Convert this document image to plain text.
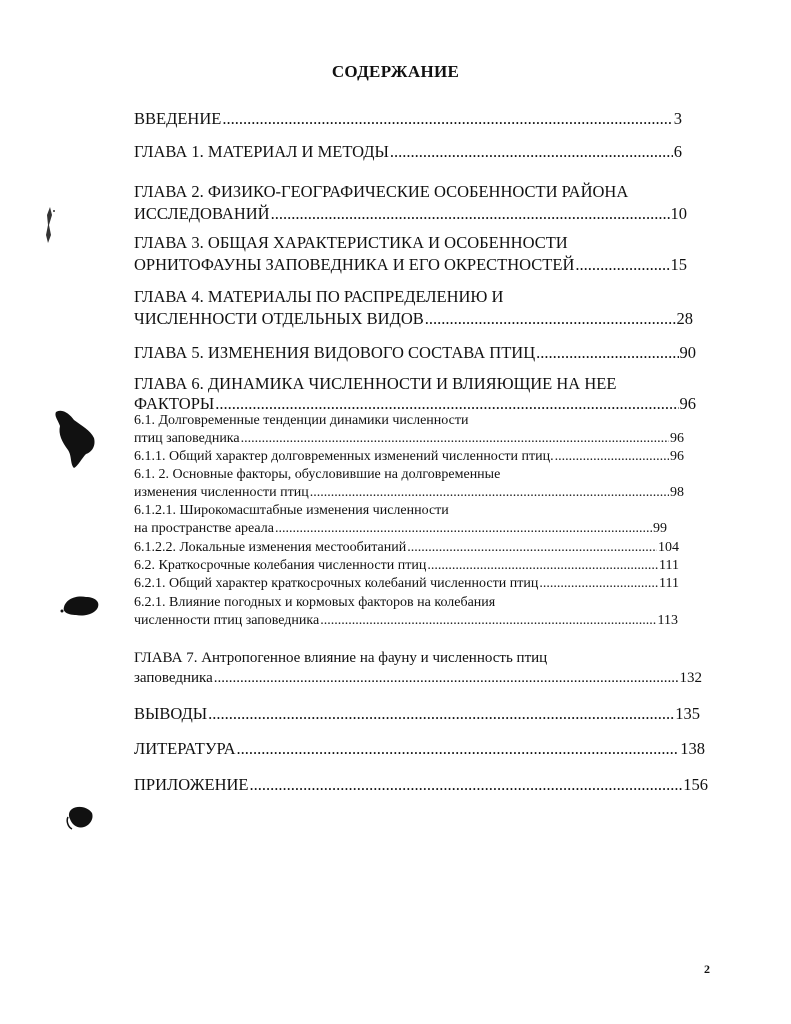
СОДЕРЖАНИЕ
ВВЕДЕНИЕ .....	3
ГЛАВА 1. МАТЕРИАЛ И МЕТОДЫ .....	6
ГЛАВА 2. ФИЗИКО-ГЕОГРАФИЧЕСКИЕ ОСОБЕННОСТИ РАЙОНА
ИССЛЕДОВАНИЙ .....	10
ГЛАВА 3. ОБЩАЯ ХАРАКТЕРИСТИКА И ОСОБЕННОСТИ
ОРНИТОФАУНЫ ЗАПОВЕДНИКА И ЕГО ОКРЕСТНОСТЕЙ .....	15
ГЛАВА 4. МАТЕРИАЛЫ ПО РАСПРЕДЕЛЕНИЮ И
ЧИСЛЕННОСТИ ОТДЕЛЬНЫХ ВИДОВ .....	28
ГЛАВА 5. ИЗМЕНЕНИЯ ВИДОВОГО СОСТАВА ПТИЦ .....	90
ГЛАВА 6. ДИНАМИКА ЧИСЛЕННОСТИ И ВЛИЯЮЩИЕ НА НЕЕ
ФАКТОРЫ .....	96
6.1. Долговременные тенденции динамики численности
птиц заповедника .....	96
6.1.1. Общий характер долговременных изменений численности птиц. .....	96
6.1. 2. Основные факторы, обусловившие на долговременные
изменения численности птиц .....	98
6.1.2.1. Широкомасштабные изменения численности
на пространстве ареала .....	99
6.1.2.2. Локальные изменения местообитаний .....	104
6.2. Краткосрочные колебания численности птиц .....	111
6.2.1. Общий характер краткосрочных колебаний численности птиц .....	111
6.2.1. Влияние погодных и кормовых факторов на колебания
численности птиц заповедника .....	113
ГЛАВА 7. Антропогенное влияние на фауну и численность птиц
заповедника .....	132
ВЫВОДЫ .....	135
ЛИТЕРАТУРА .....	138
ПРИЛОЖЕНИЕ .....	156
2
